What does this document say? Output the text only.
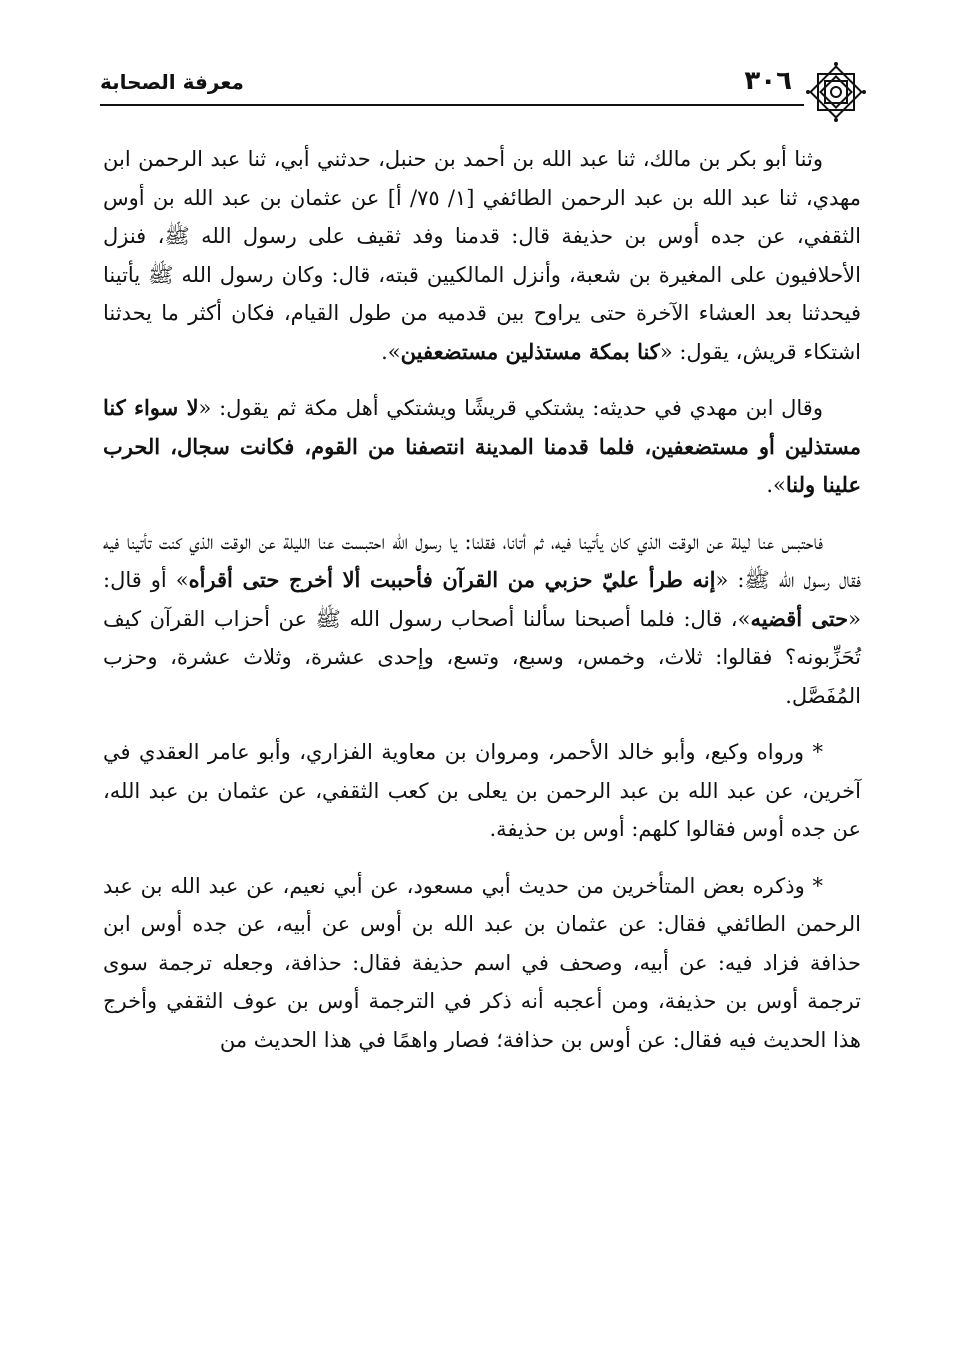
٣٠٦
معرفة الصحابة

وثنا أبو بكر بن مالك، ثنا عبد الله بن أحمد بن حنبل، حدثني أبي، ثنا عبد الرحمن ابن مهدي، ثنا عبد الله بن عبد الرحمن الطائفي [١/ ٧٥/ أ] عن عثمان بن عبد الله بن أوس الثقفي، عن جده أوس بن حذيفة قال: قدمنا وفد ثقيف على رسول الله ﷺ، فنزل الأحلافيون على المغيرة بن شعبة، وأنزل المالكيين قبته، قال: وكان رسول الله ﷺ يأتينا فيحدثنا بعد العشاء الآخرة حتى يراوح بين قدميه من طول القيام، فكان أكثر ما يحدثنا اشتكاء قريش، يقول: «كنا بمكة مستذلين مستضعفين».

وقال ابن مهدي في حديثه: يشتكي قريشًا ويشتكي أهل مكة ثم يقول: «لا سواء كنا مستذلين أو مستضعفين، فلما قدمنا المدينة انتصفنا من القوم، فكانت سجال، الحرب علينا ولنا».

فاحتبس عنا ليلة عن الوقت الذي كان يأتينا فيه، ثم أتانا، فقلنا: يا رسول الله احتبست عنا الليلة عن الوقت الذي كنت تأتينا فيه فقال رسول الله ﷺ: «إنه طرأ عليّ حزبي من القرآن فأحببت ألا أخرج حتى أقرأه» أو قال: «حتى أقضيه»، قال: فلما أصبحنا سألنا أصحاب رسول الله ﷺ عن أحزاب القرآن كيف تُحَزِّبونه؟ فقالوا: ثلاث، وخمس، وسبع، وتسع، وإحدى عشرة، وثلاث عشرة، وحزب المُفَصَّل.

* ورواه وكيع، وأبو خالد الأحمر، ومروان بن معاوية الفزاري، وأبو عامر العقدي في آخرين، عن عبد الله بن عبد الرحمن بن يعلى بن كعب الثقفي، عن عثمان بن عبد الله، عن جده أوس فقالوا كلهم: أوس بن حذيفة.

* وذكره بعض المتأخرين من حديث أبي مسعود، عن أبي نعيم، عن عبد الله بن عبد الرحمن الطائفي فقال: عن عثمان بن عبد الله بن أوس عن أبيه، عن جده أوس ابن حذافة فزاد فيه: عن أبيه، وصحف في اسم حذيفة فقال: حذافة، وجعله ترجمة سوى ترجمة أوس بن حذيفة، ومن أعجبه أنه ذكر في الترجمة أوس بن عوف الثقفي وأخرج هذا الحديث فيه فقال: عن أوس بن حذافة؛ فصار واهمًا في هذا الحديث من
